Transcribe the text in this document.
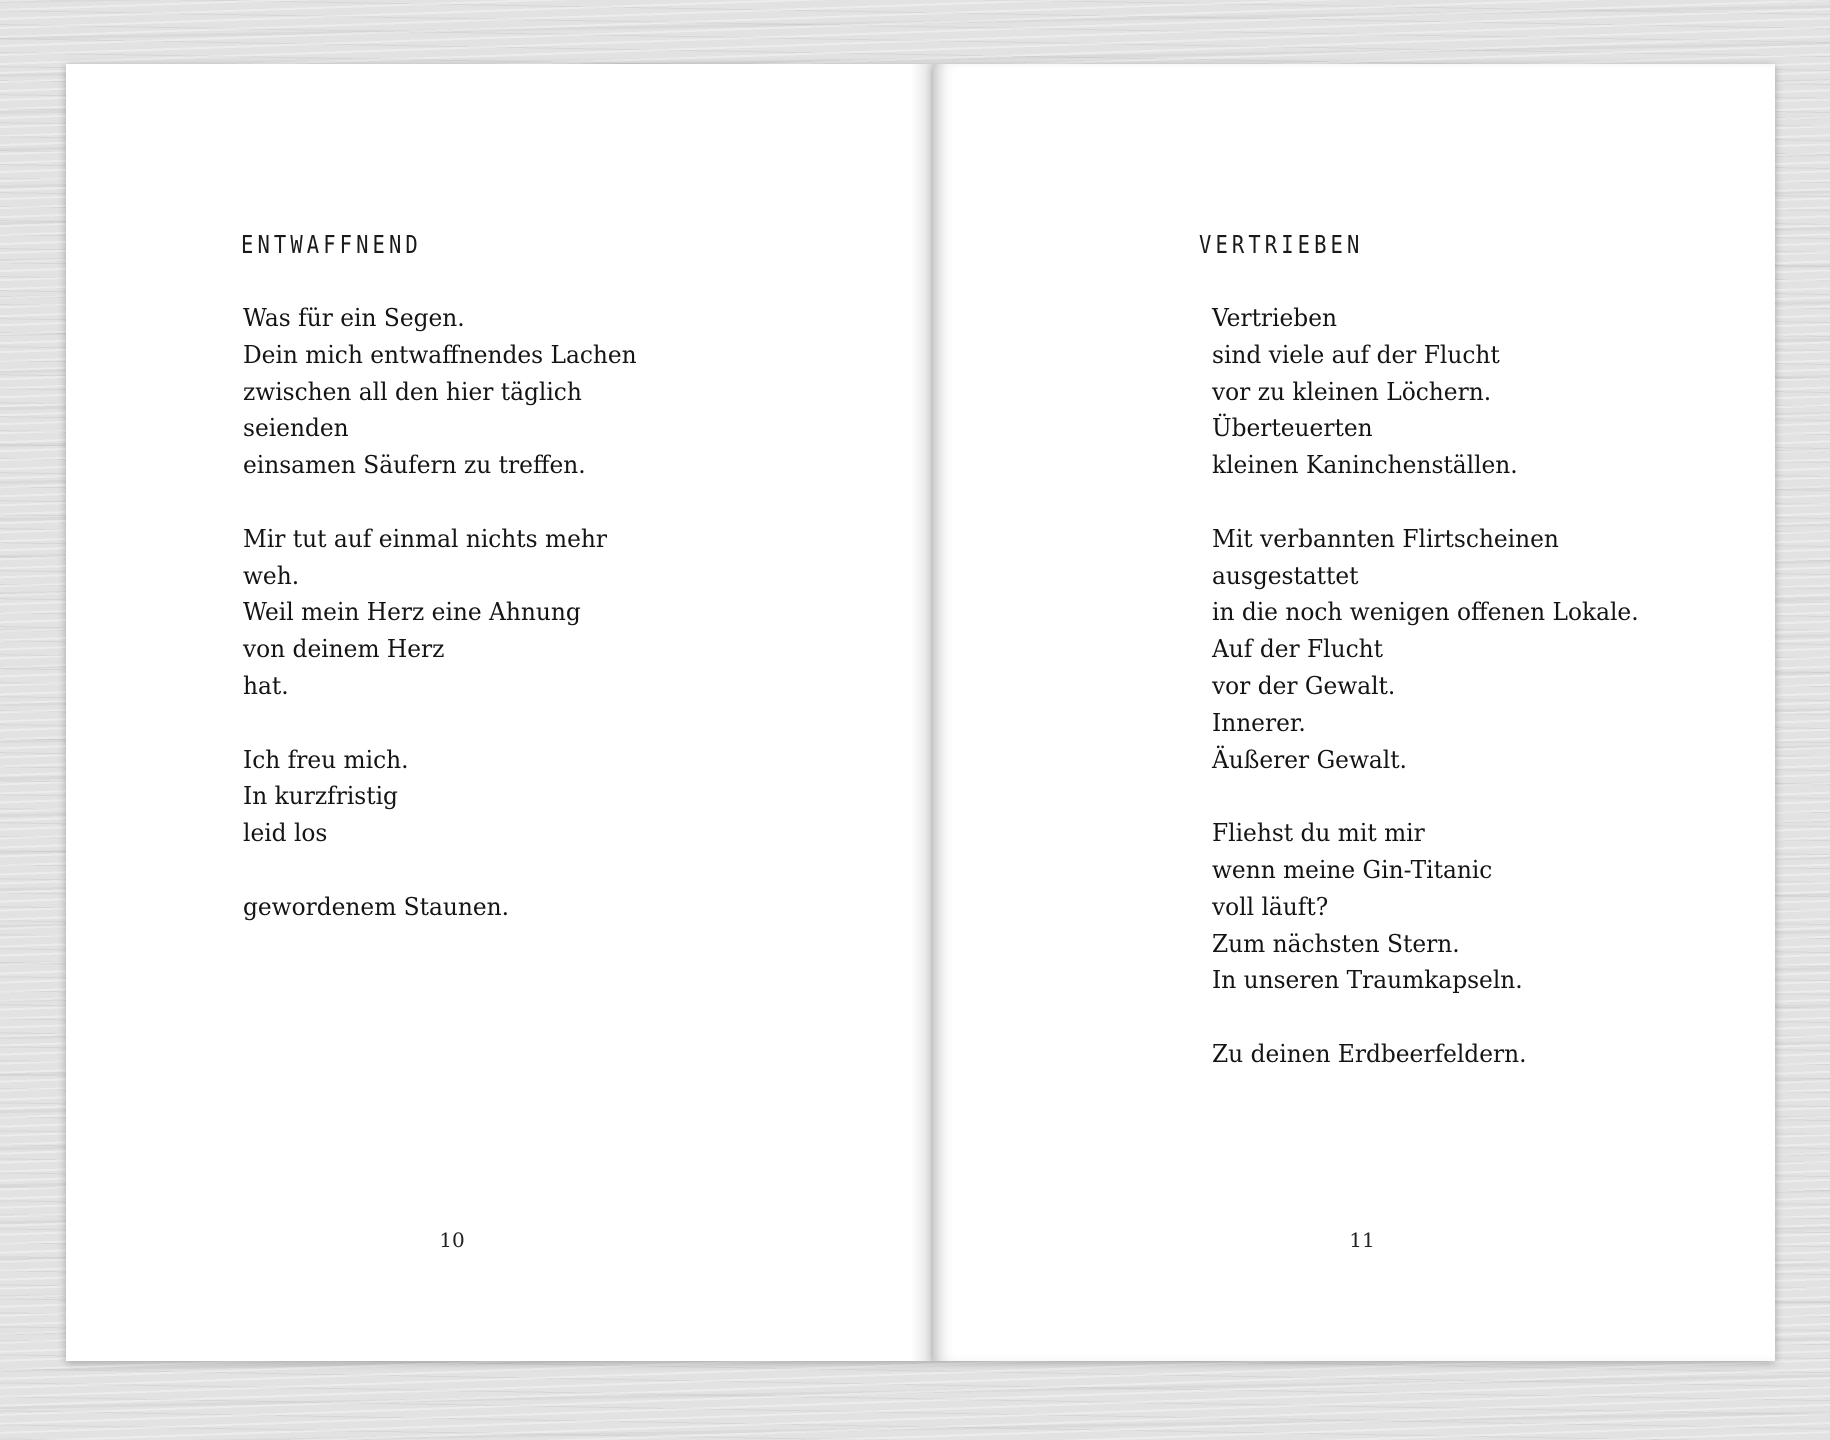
ENTWAFFNEND
Was für ein Segen.
Dein mich entwaffnendes Lachen
zwischen all den hier täglich
seienden
einsamen Säufern zu treffen.
Mir tut auf einmal nichts mehr
weh.
Weil mein Herz eine Ahnung
von deinem Herz
hat.
Ich freu mich.
In kurzfristig
leid los
gewordenem Staunen.
10
VERTRIEBEN
Vertrieben
sind viele auf der Flucht
vor zu kleinen Löchern.
Überteuerten
kleinen Kaninchenställen.
Mit verbannten Flirtscheinen
ausgestattet
in die noch wenigen offenen Lokale.
Auf der Flucht
vor der Gewalt.
Innerer.
Äußerer Gewalt.
Fliehst du mit mir
wenn meine Gin-Titanic
voll läuft?
Zum nächsten Stern.
In unseren Traumkapseln.
Zu deinen Erdbeerfeldern.
11
